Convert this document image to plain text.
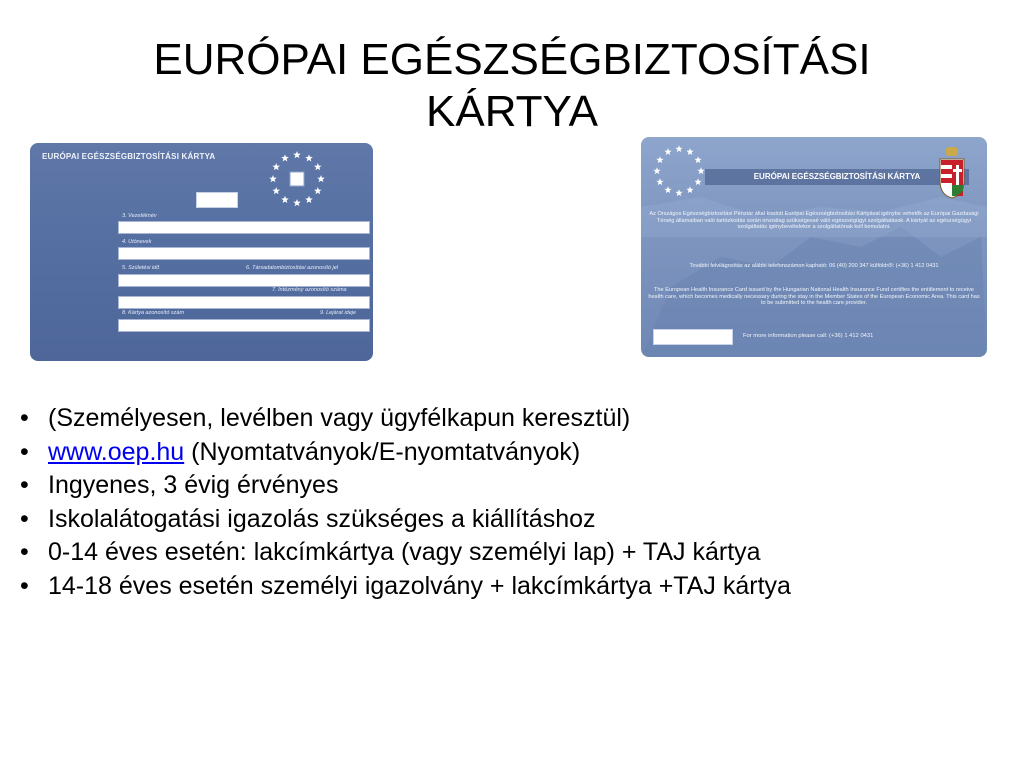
EURÓPAI EGÉSZSÉGBIZTOSÍTÁSI
KÁRTYA
EURÓPAI EGÉSZSÉGBIZTOSÍTÁSI KÁRTYA
3. Vezetéknév
4. Utónevek
5. Születési idő	6. Társadalombiztosítási azonosító jel
7. Intézmény azonosító száma
8. Kártya azonosító szám	9. Lejárat ideje
EURÓPAI EGÉSZSÉGBIZTOSÍTÁSI KÁRTYA
Az Országos Egészségbiztosítási Pénztár által kiadott Európai Egészségbiztosítási Kártyával igénybe vehetők az Európai Gazdasági Térség államaiban való tartózkodás során orvosilag szükségessé váló egészségügyi szolgáltatások. A kártyát az egészségügyi szolgáltatás igénybevételekor a szolgáltatónak kell bemutatni.
További felvilágosítás az alábbi telefonszámon kapható: 06 (40) 200 347 külföldről: (+36) 1 412 0431
The European Health Insurance Card issued by the Hungarian National Health Insurance Fund certifies the entitlement to receive health care, which becomes medically necessary during the stay in the Member States of the European Economic Area. This card has to be submitted to the health care provider.
For more information please call: (+36) 1 412 0431
• (Személyesen, levélben vagy ügyfélkapun keresztül)
• www.oep.hu (Nyomtatványok/E-nyomtatványok)
• Ingyenes, 3 évig érvényes
• Iskolalátogatási igazolás szükséges a kiállításhoz
• 0-14 éves esetén: lakcímkártya (vagy személyi lap) + TAJ kártya
• 14-18 éves esetén személyi igazolvány + lakcímkártya +TAJ kártya
